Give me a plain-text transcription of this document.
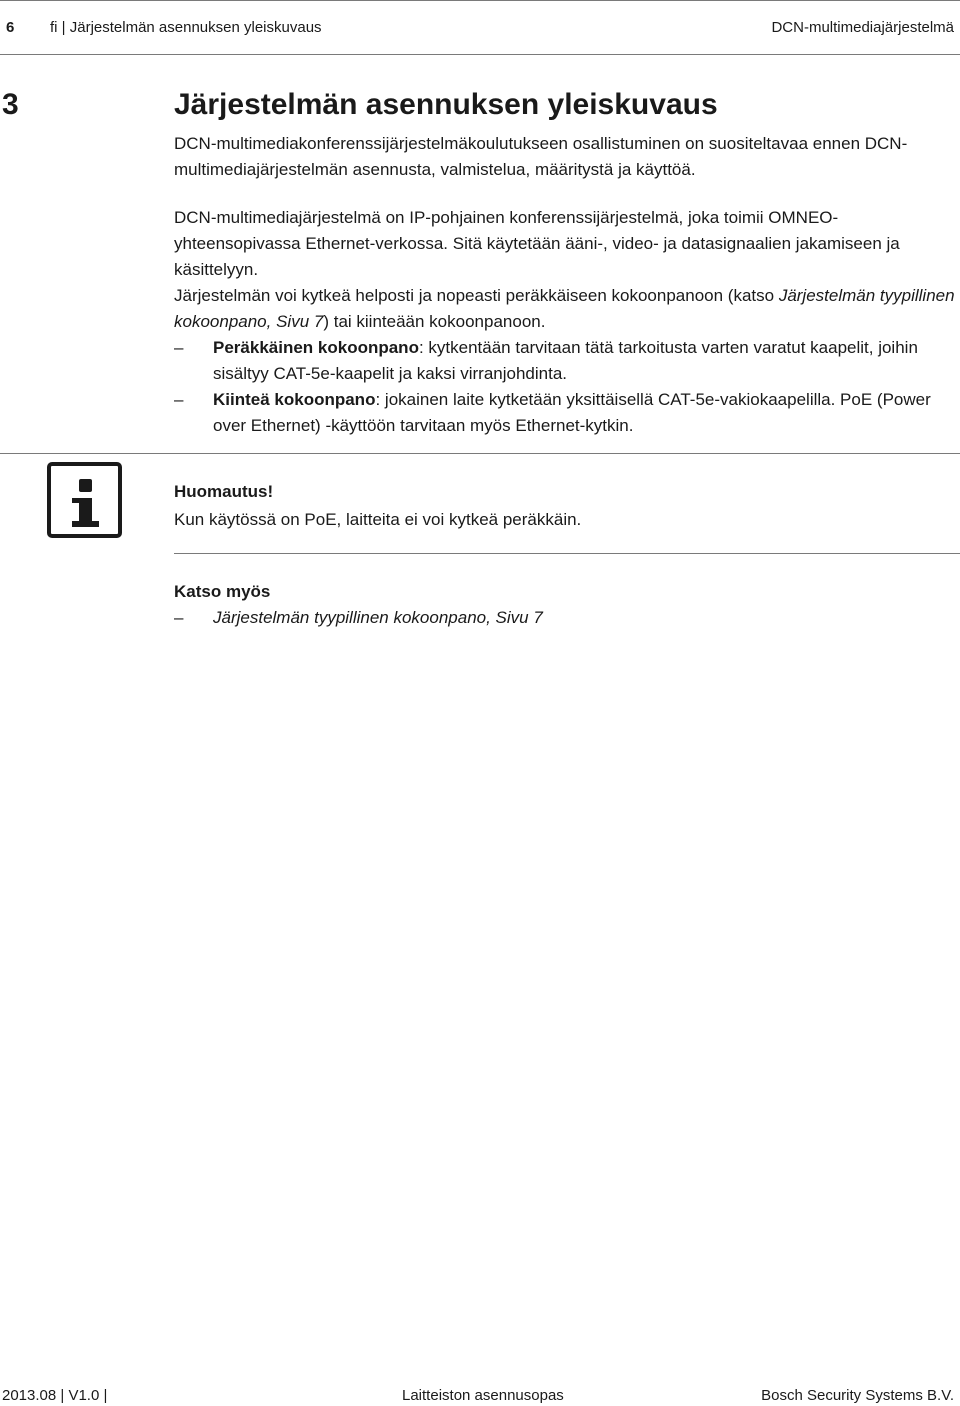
6 fi | Järjestelmän asennuksen yleiskuvaus	DCN-multimediajärjestelmä
3	Järjestelmän asennuksen yleiskuvaus

DCN-multimediakonferenssijärjestelmäkoulutukseen osallistuminen on suositeltavaa ennen DCN-multimediajärjestelmän asennusta, valmistelua, määritystä ja käyttöä.

DCN-multimediajärjestelmä on IP-pohjainen konferenssijärjestelmä, joka toimii OMNEO-yhteensopivassa Ethernet-verkossa. Sitä käytetään ääni-, video- ja datasignaalien jakamiseen ja käsittelyyn.

Järjestelmän voi kytkeä helposti ja nopeasti peräkkäiseen kokoonpanoon (katso Järjestelmän tyypillinen kokoonpano, Sivu 7) tai kiinteään kokoonpanoon.

– Peräkkäinen kokoonpano: kytkentään tarvitaan tätä tarkoitusta varten varatut kaapelit, joihin sisältyy CAT-5e-kaapelit ja kaksi virranjohdinta.
– Kiinteä kokoonpano: jokainen laite kytketään yksittäisellä CAT-5e-vakiokaapelilla. PoE (Power over Ethernet) -käyttöön tarvitaan myös Ethernet-kytkin.
Huomautus!
Kun käytössä on PoE, laitteita ei voi kytkeä peräkkäin.
Katso myös
– Järjestelmän tyypillinen kokoonpano, Sivu 7
2013.08 | V1.0 |	Laitteiston asennusopas	Bosch Security Systems B.V.
